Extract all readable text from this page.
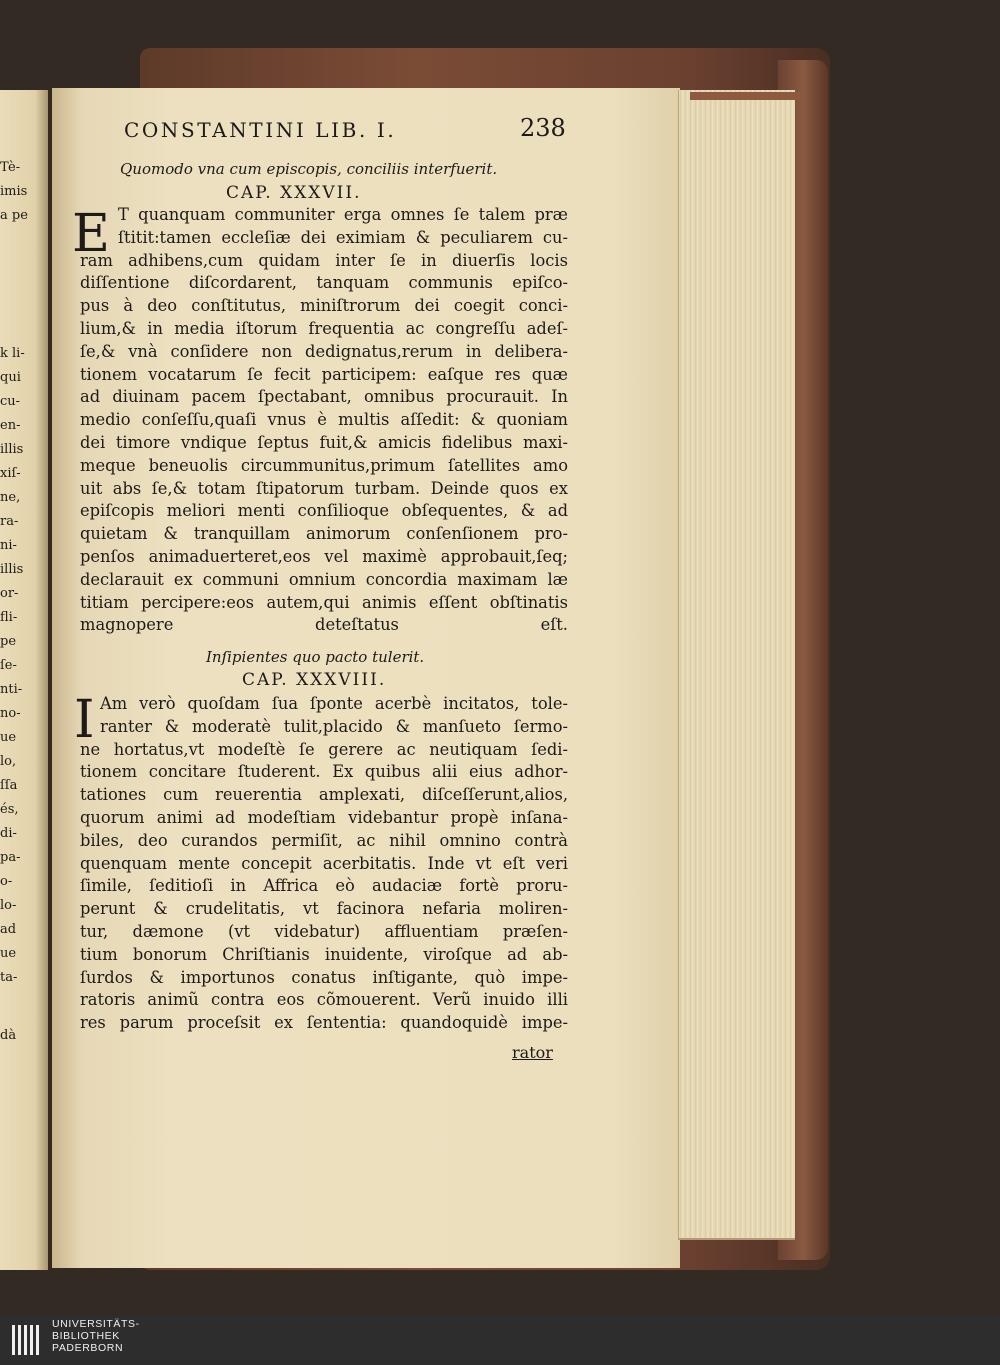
Tè-
imis
a pe
k li-
qui
cu-
en-
illis
xiſ-
ne,
ra-
ni-
illis
or-
fli-
pe
ſe-
nti-
no-
ue
lo,
ſſa
és,
di-
pa-
o-
lo-
ad
ue
ta-
dà
CONSTANTINI LIB. I.	238
Quomodo vna cum episcopis, conciliis interfuerit.
CAP. XXXVII.
E T quanquam communiter erga omnes ſe talem præ
ſtitit:tamen eccleſiæ dei eximiam & peculiarem cu-
ram adhibens,cum quidam inter ſe in diuerſis locis
diſſentione diſcordarent, tanquam communis epiſco-
pus à deo conſtitutus, miniſtrorum dei coegit conci-
lium,& in media iſtorum frequentia ac congreſſu adeſ-
ſe,& vnà conſidere non dedignatus,rerum in delibera-
tionem vocatarum ſe fecit participem: eaſque res quæ
ad diuinam pacem ſpectabant, omnibus procurauit. In
medio conſeſſu,quaſi vnus è multis aſſedit: & quoniam
dei timore vndique ſeptus fuit,& amicis fidelibus maxi-
meque beneuolis circummunitus,primum ſatellites amo
uit abs ſe,& totam ſtipatorum turbam. Deinde quos ex
epiſcopis meliori menti conſilioque obſequentes, & ad
quietam & tranquillam animorum conſenſionem pro-
penſos animaduerteret,eos vel maximè approbauit,ſeq;
declarauit ex communi omnium concordia maximam læ
titiam percipere:eos autem,qui animis eſſent obſtinatis
magnopere deteſtatus eſt.
Inſipientes quo pacto tulerit.
CAP. XXXVIII.
I Am verò quoſdam ſua ſponte acerbè incitatos, tole-
ranter & moderatè tulit,placido & manſueto ſermo-
ne hortatus,vt modeſtè ſe gerere ac neutiquam ſedi-
tionem concitare ſtuderent. Ex quibus alii eius adhor-
tationes cum reuerentia amplexati, diſceſſerunt,alios,
quorum animi ad modeſtiam videbantur propè inſana-
biles, deo curandos permiſit, ac nihil omnino contrà
quenquam mente concepit acerbitatis. Inde vt eſt veri
ſimile, ſeditioſi in Affrica eò audaciæ fortè proru-
perunt & crudelitatis, vt facinora nefaria moliren-
tur, dæmone (vt videbatur) affluentiam præſen-
tium bonorum Chriſtianis inuidente, viroſque ad ab-
ſurdos & importunos conatus inſtigante, quò impe-
ratoris animũ contra eos cõmouerent. Verũ inuido illi
res parum proceſsit ex ſententia: quandoquidè impe-
rator
UNIVERSITÄTS-
BIBLIOTHEK
PADERBORN
